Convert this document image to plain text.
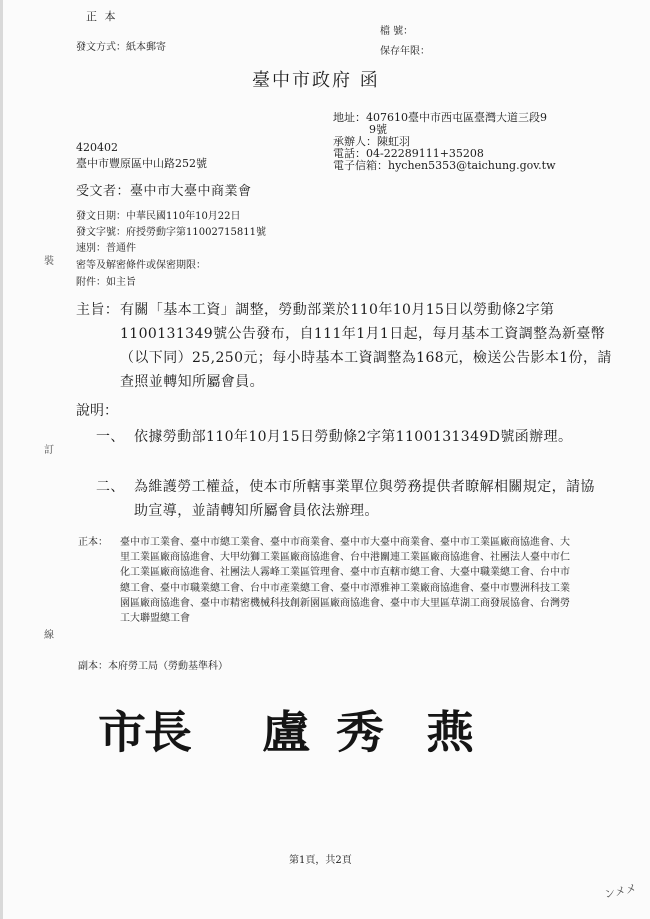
正 本
發文方式：紙本郵寄
檔 號：
保存年限：
臺中市政府 函
地址：407610臺中市西屯區臺灣大道三段9
9號
承辦人：陳虹羽
電話：04-22289111+35208
電子信箱：hychen5353@taichung.gov.tw
420402
臺中市豐原區中山路252號
受文者：臺中市大臺中商業會
發文日期：中華民國110年10月22日
發文字號：府授勞動字第11002715811號
速別：普通件
密等及解密條件或保密期限：
附件：如主旨
主旨： 有關「基本工資」調整，勞動部業於110年10月15日以勞動條2字第1100131349號公告發布，自111年1月1日起，每月基本工資調整為新臺幣（以下同）25,250元；每小時基本工資調整為168元，檢送公告影本1份，請查照並轉知所屬會員。
說明：
一、 依據勞動部110年10月15日勞動條2字第1100131349D號函辦理。
二、 為維護勞工權益，使本市所轄事業單位與勞務提供者瞭解相關規定，請協助宣導，並請轉知所屬會員依法辦理。
正本：	臺中市工業會、臺中市總工業會、臺中市商業會、臺中市大臺中商業會、臺中市工業區廠商協進會、大里工業區廠商協進會、大甲幼獅工業區廠商協進會、台中港關連工業區廠商協進會、社團法人臺中市仁化工業區廠商協進會、社團法人霧峰工業區管理會、臺中市直轄市總工會、大臺中職業總工會、台中市總工會、臺中市職業總工會、台中市產業總工會、臺中市潭雅神工業廠商協進會、臺中市豐洲科技工業園區廠商協進會、臺中市精密機械科技創新園區廠商協進會、臺中市大里區草湖工商發展協會、台灣勞工大聯盟總工會
副本：本府勞工局（勞動基準科）
裝
訂
線
市長 盧 秀 燕
第1頁，共2頁
ンメメ
